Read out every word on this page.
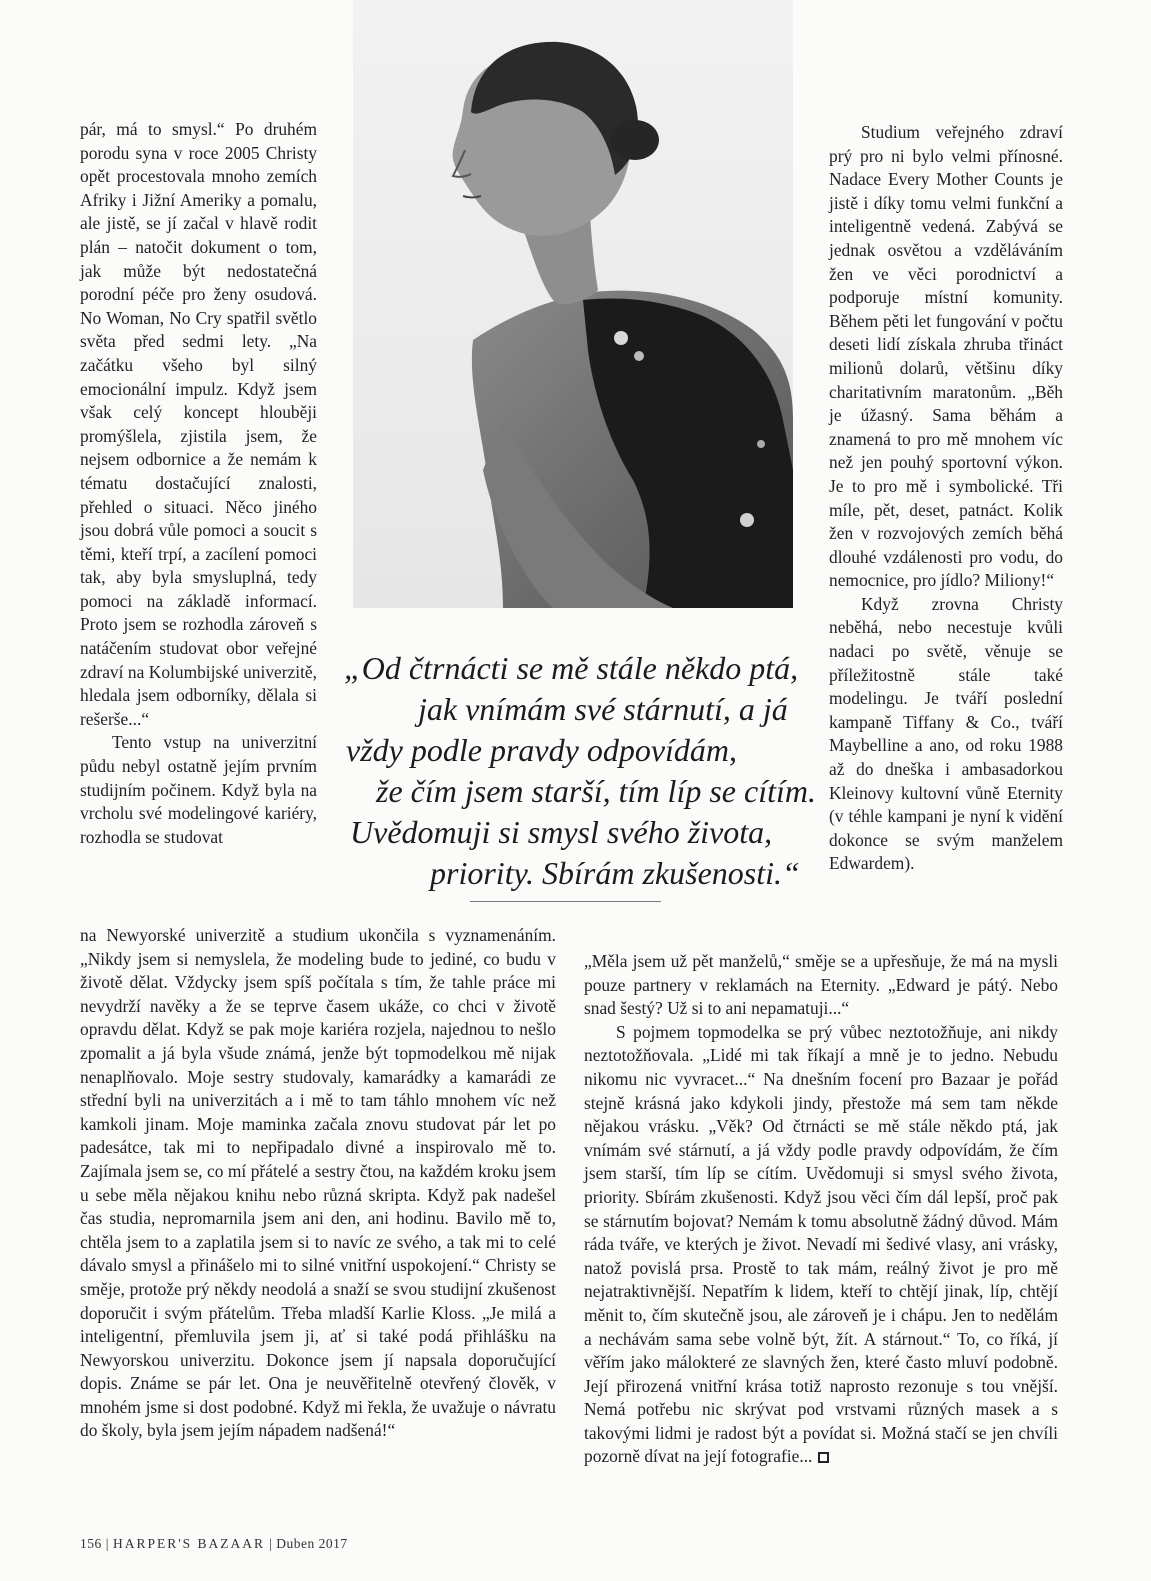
pár, má to smysl.“ Po druhém porodu syna v roce 2005 Christy opět procestovala mnoho zemích Afriky i Jižní Ameriky a pomalu, ale jistě, se jí začal v hlavě rodit plán – natočit dokument o tom, jak může být nedostatečná porodní péče pro ženy osudová. No Woman, No Cry spatřil světlo světa před sedmi lety. „Na začátku všeho byl silný emocionální impulz. Když jsem však celý koncept hlouběji promýšlela, zjistila jsem, že nejsem odbornice a že nemám k tématu dostačující znalosti, přehled o situaci. Něco jiného jsou dobrá vůle pomoci a soucit s těmi, kteří trpí, a zacílení pomoci tak, aby byla smysluplná, tedy pomoci na základě informací. Proto jsem se rozhodla zároveň s natáčením studovat obor veřejné zdraví na Kolumbijské univerzitě, hledala jsem odborníky, dělala si rešerše...“

Tento vstup na univerzitní půdu nebyl ostatně jejím prvním studijním počinem. Když byla na vrcholu své modelingové kariéry, rozhodla se studovat

Studium veřejného zdraví prý pro ni bylo velmi přínosné. Nadace Every Mother Counts je jistě i díky tomu velmi funkční a inteligentně vedená. Zabývá se jednak osvětou a vzděláváním žen ve věci porodnictví a podporuje místní komunity. Během pěti let fungování v počtu deseti lidí získala zhruba třináct milionů dolarů, většinu díky charitativním maratonům. „Běh je úžasný. Sama běhám a znamená to pro mě mnohem víc než jen pouhý sportovní výkon. Je to pro mě i symbolické. Tři míle, pět, deset, patnáct. Kolik žen v rozvojových zemích běhá dlouhé vzdálenosti pro vodu, do nemocnice, pro jídlo? Miliony!“

Když zrovna Christy neběhá, nebo necestuje kvůli nadaci po světě, věnuje se příležitostně stále také modelingu. Je tváří poslední kampaně Tiffany & Co., tváří Maybelline a ano, od roku 1988 až do dneška i ambasadorkou Kleinovy kultovní vůně Eternity (v téhle kampani je nyní k vidění dokonce se svým manželem Edwardem).

„Od čtrnácti se mě stále někdo ptá,
jak vnímám své stárnutí, a já
vždy podle pravdy odpovídám,
že čím jsem starší, tím líp se cítím.
Uvědomuji si smysl svého života,
priority. Sbírám zkušenosti.“

na Newyorské univerzitě a studium ukončila s vyznamenáním. „Nikdy jsem si nemyslela, že modeling bude to jediné, co budu v životě dělat. Vždycky jsem spíš počítala s tím, že tahle práce mi nevydrží navěky a že se teprve časem ukáže, co chci v životě opravdu dělat. Když se pak moje kariéra rozjela, najednou to nešlo zpomalit a já byla všude známá, jenže být topmodelkou mě nijak nenaplňovalo. Moje sestry studovaly, kamarádky a kamarádi ze střední byli na univerzitách a i mě to tam táhlo mnohem víc než kamkoli jinam. Moje maminka začala znovu studovat pár let po padesátce, tak mi to nepřipadalo divné a inspirovalo mě to. Zajímala jsem se, co mí přátelé a sestry čtou, na každém kroku jsem u sebe měla nějakou knihu nebo různá skripta. Když pak nadešel čas studia, nepromarnila jsem ani den, ani hodinu. Bavilo mě to, chtěla jsem to a zaplatila jsem si to navíc ze svého, a tak mi to celé dávalo smysl a přinášelo mi to silné vnitřní uspokojení.“ Christy se směje, protože prý někdy neodolá a snaží se svou studijní zkušenost doporučit i svým přátelům. Třeba mladší Karlie Kloss. „Je milá a inteligentní, přemluvila jsem ji, ať si také podá přihlášku na Newyorskou univerzitu. Dokonce jsem jí napsala doporučující dopis. Známe se pár let. Ona je neuvěřitelně otevřený člověk, v mnohém jsme si dost podobné. Když mi řekla, že uvažuje o návratu do školy, byla jsem jejím nápadem nadšená!“

„Měla jsem už pět manželů,“ směje se a upřesňuje, že má na mysli pouze partnery v reklamách na Eternity. „Edward je pátý. Nebo snad šestý? Už si to ani nepamatuji...“

S pojmem topmodelka se prý vůbec neztotožňuje, ani nikdy neztotožňovala. „Lidé mi tak říkají a mně je to jedno. Nebudu nikomu nic vyvracet...“ Na dnešním focení pro Bazaar je pořád stejně krásná jako kdykoli jindy, přestože má sem tam někde nějakou vrásku. „Věk? Od čtrnácti se mě stále někdo ptá, jak vnímám své stárnutí, a já vždy podle pravdy odpovídám, že čím jsem starší, tím líp se cítím. Uvědomuji si smysl svého života, priority. Sbírám zkušenosti. Když jsou věci čím dál lepší, proč pak se stárnutím bojovat? Nemám k tomu absolutně žádný důvod. Mám ráda tváře, ve kterých je život. Nevadí mi šedivé vlasy, ani vrásky, natož povislá prsa. Prostě to tak mám, reálný život je pro mě nejatraktivnější. Nepatřím k lidem, kteří to chtějí jinak, líp, chtějí měnit to, čím skutečně jsou, ale zároveň je i chápu. Jen to nedělám a nechávám sama sebe volně být, žít. A stárnout.“ To, co říká, jí věřím jako málokteré ze slavných žen, které často mluví podobně. Její přirozená vnitřní krása totiž naprosto rezonuje s tou vnější. Nemá potřebu nic skrývat pod vrstvami různých masek a s takovými lidmi je radost být a povídat si. Možná stačí se jen chvíli pozorně dívat na její fotografie...

156 | HARPER'S BAZAAR | Duben 2017
